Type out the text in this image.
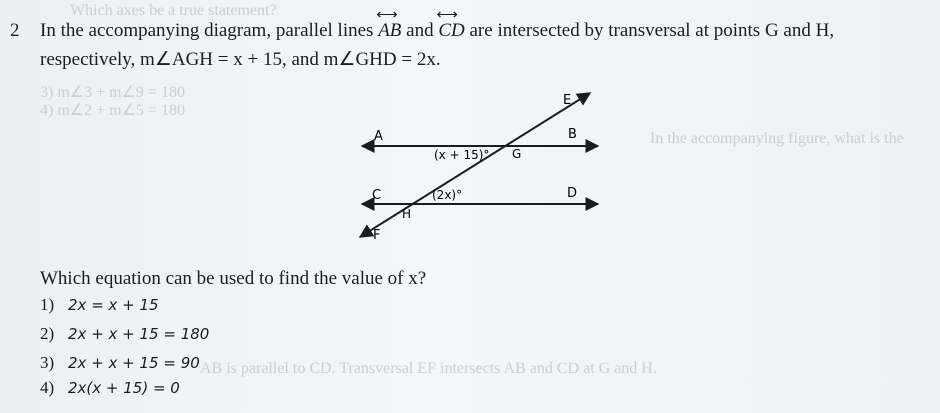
Which axes be a true statement?
3) m∠3 + m∠9 = 180
4) m∠2 + m∠5 = 180
In the accompanying figure, what is the
AB is parallel to CD. Transversal EF intersects AB and CD at G and H.
2 In the accompanying diagram, parallel lines ⟷ AB and ⟷ CD are intersected by transversal at points G and H,
respectively, m∠AGH = x + 15, and m∠GHD = 2x.
A	B
C	D
E
F
G
H
(x + 15)°
(2x)°
Which equation can be used to find the value of x?
1) 2x = x + 15
2) 2x + x + 15 = 180
3) 2x + x + 15 = 90
4) 2x(x + 15) = 0
